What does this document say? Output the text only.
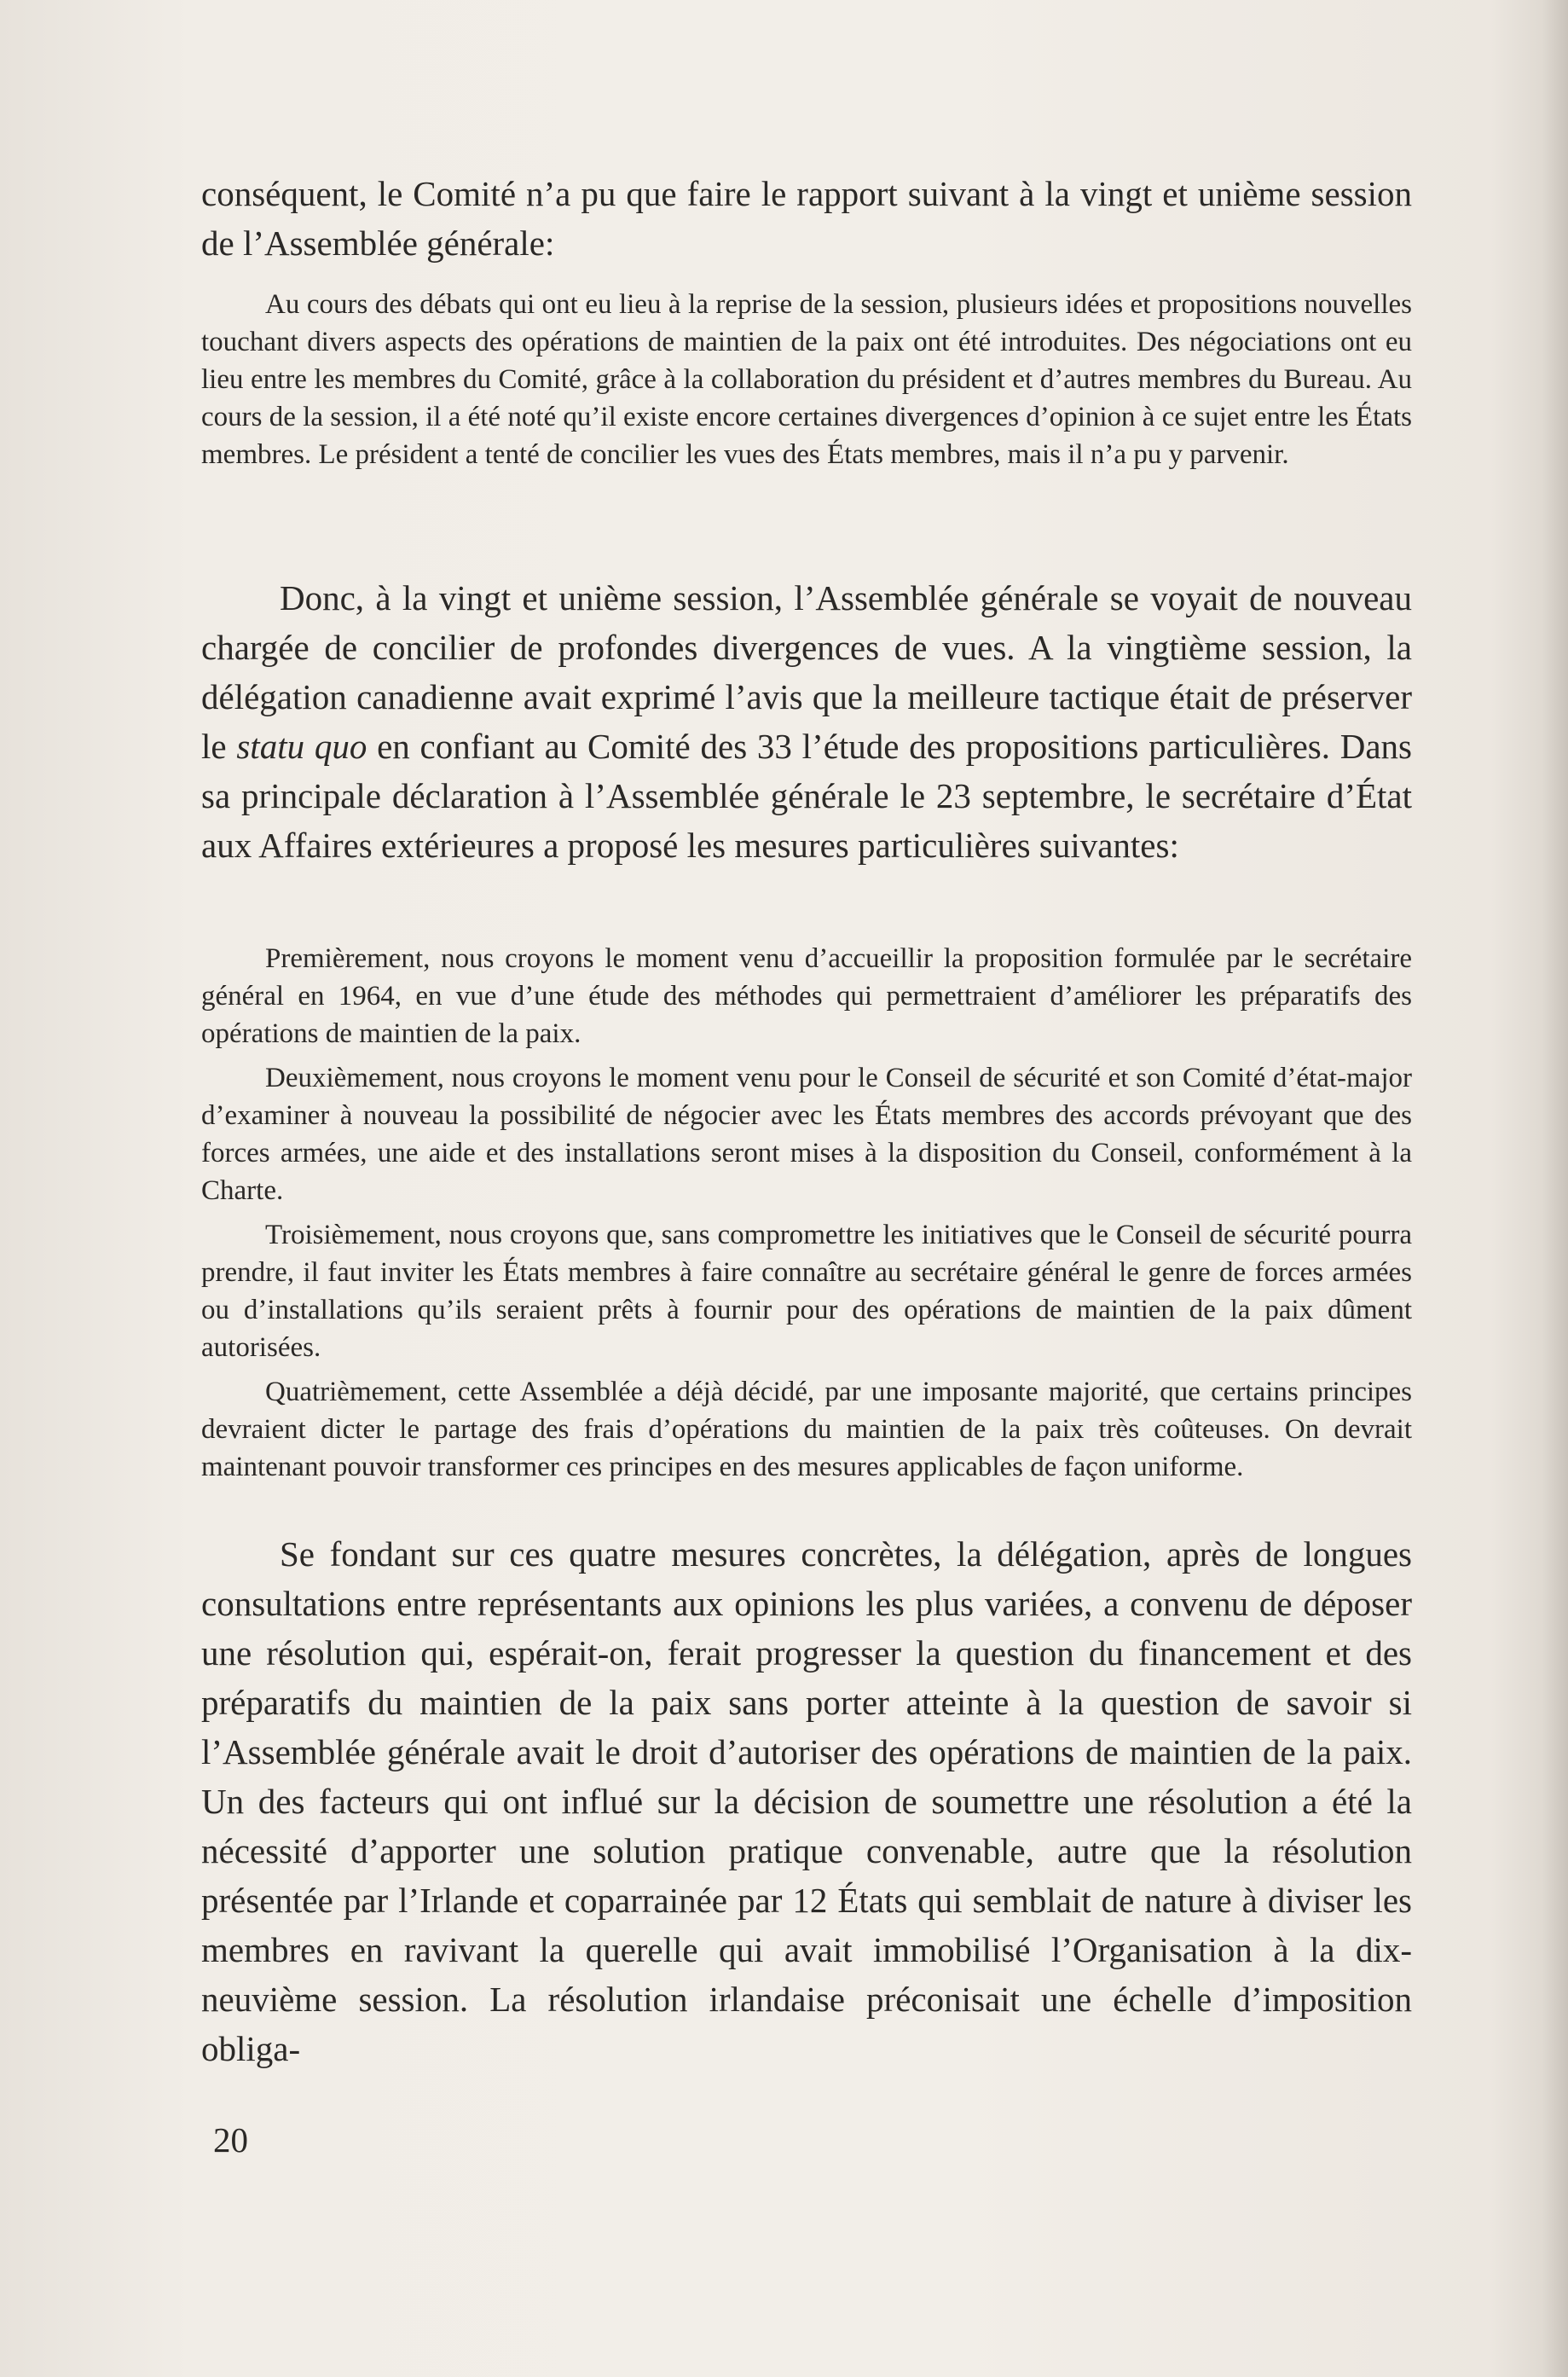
conséquent, le Comité n’a pu que faire le rapport suivant à la vingt et unième session de l’Assemblée générale:

Au cours des débats qui ont eu lieu à la reprise de la session, plusieurs idées et propositions nouvelles touchant divers aspects des opérations de maintien de la paix ont été introduites. Des négociations ont eu lieu entre les membres du Comité, grâce à la collaboration du président et d’autres membres du Bureau. Au cours de la session, il a été noté qu’il existe encore certaines divergences d’opinion à ce sujet entre les États membres. Le président a tenté de concilier les vues des États membres, mais il n’a pu y parvenir.

Donc, à la vingt et unième session, l’Assemblée générale se voyait de nouveau chargée de concilier de profondes divergences de vues. A la vingtième session, la délégation canadienne avait exprimé l’avis que la meilleure tactique était de préserver le statu quo en confiant au Comité des 33 l’étude des propositions particulières. Dans sa principale déclaration à l’Assemblée générale le 23 septembre, le secrétaire d’État aux Affaires extérieures a proposé les mesures particulières suivantes:

Premièrement, nous croyons le moment venu d’accueillir la proposition formulée par le secrétaire général en 1964, en vue d’une étude des méthodes qui permettraient d’améliorer les préparatifs des opérations de maintien de la paix.

Deuxièmement, nous croyons le moment venu pour le Conseil de sécurité et son Comité d’état-major d’examiner à nouveau la possibilité de négocier avec les États membres des accords prévoyant que des forces armées, une aide et des installations seront mises à la disposition du Conseil, conformément à la Charte.

Troisièmement, nous croyons que, sans compromettre les initiatives que le Conseil de sécurité pourra prendre, il faut inviter les États membres à faire connaître au secrétaire général le genre de forces armées ou d’installations qu’ils seraient prêts à fournir pour des opérations de maintien de la paix dûment autorisées.

Quatrièmement, cette Assemblée a déjà décidé, par une imposante majorité, que certains principes devraient dicter le partage des frais d’opérations du maintien de la paix très coûteuses. On devrait maintenant pouvoir transformer ces principes en des mesures applicables de façon uniforme.

Se fondant sur ces quatre mesures concrètes, la délégation, après de longues consultations entre représentants aux opinions les plus variées, a convenu de déposer une résolution qui, espérait-on, ferait progresser la question du financement et des préparatifs du maintien de la paix sans porter atteinte à la question de savoir si l’Assemblée générale avait le droit d’autoriser des opérations de maintien de la paix. Un des facteurs qui ont influé sur la décision de soumettre une résolution a été la nécessité d’apporter une solution pratique convenable, autre que la résolution présentée par l’Irlande et coparrainée par 12 États qui semblait de nature à diviser les membres en ravivant la querelle qui avait immobilisé l’Organisation à la dix-neuvième session. La résolution irlandaise préconisait une échelle d’imposition obliga-

20
